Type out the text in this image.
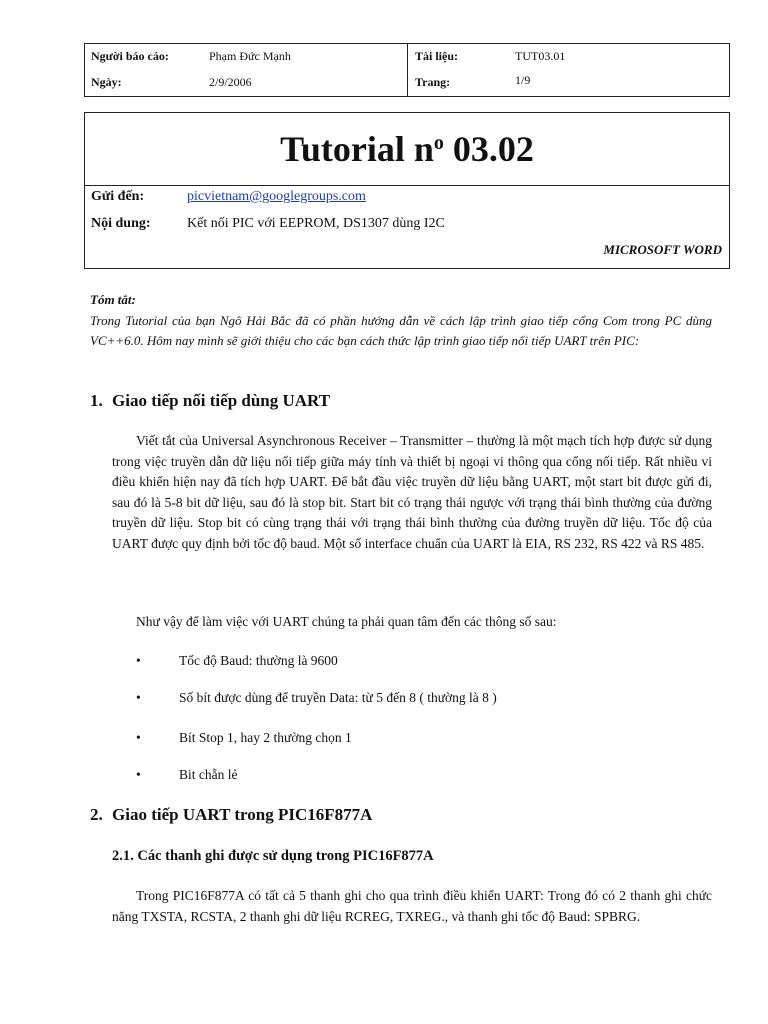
Người báo cáo:	Phạm Đức Mạnh
Ngày:	2/9/2006
Tài liệu:	TUT03.01
Trang:	1/9
Tutorial $n^o$ 03.02
Gửi đến:	picvietnam@googlegroups.com
Nội dung:	Kết nối PIC với EEPROM, DS1307 dùng I2C
MICROSOFT WORD
Tóm tắt:
Trong Tutorial của bạn Ngô Hải Bắc đã có phần hướng dẫn về cách lập trình giao tiếp cổng Com trong PC dùng VC++6.0. Hôm nay mình sẽ giới thiệu cho các bạn cách thức lập trình giao tiếp nối tiếp UART trên PIC:
1. Giao tiếp nối tiếp dùng UART
Viết tắt của Universal Asynchronous Receiver – Transmitter – thường là một mạch tích hợp được sử dụng trong việc truyền dẫn dữ liệu nối tiếp giữa máy tính và thiết bị ngoại vi thông qua cổng nối tiếp. Rất nhiều vi điều khiển hiện nay đã tích hợp UART. Để bắt đầu việc truyền dữ liệu bằng UART, một start bit được gửi đi, sau đó là 5-8 bit dữ liệu, sau đó là stop bit. Start bit có trạng thái ngược với trạng thái bình thường của đường truyền dữ liệu. Stop bit có cùng trạng thái với trạng thái bình thường của đường truyền dữ liệu. Tốc độ của UART được quy định bởi tốc độ baud. Một số interface chuẩn của UART là EIA, RS 232, RS 422 và RS 485.
Như vậy để làm việc với UART chúng ta phải quan tâm đến các thông số sau:
•	Tốc độ Baud: thường là 9600
•	Số bít được dùng để truyền Data: từ 5 đến 8 ( thường là 8 )
•	Bít Stop 1, hay 2 thường chọn 1
•	Bit chẵn lẻ
2. Giao tiếp UART trong PIC16F877A
2.1. Các thanh ghi được sử dụng trong PIC16F877A
Trong PIC16F877A có tất cả 5 thanh ghi cho qua trình điều khiển UART: Trong đó có 2 thanh ghi chức năng TXSTA, RCSTA, 2 thanh ghi dữ liệu RCREG, TXREG., và thanh ghi tốc độ Baud: SPBRG.
